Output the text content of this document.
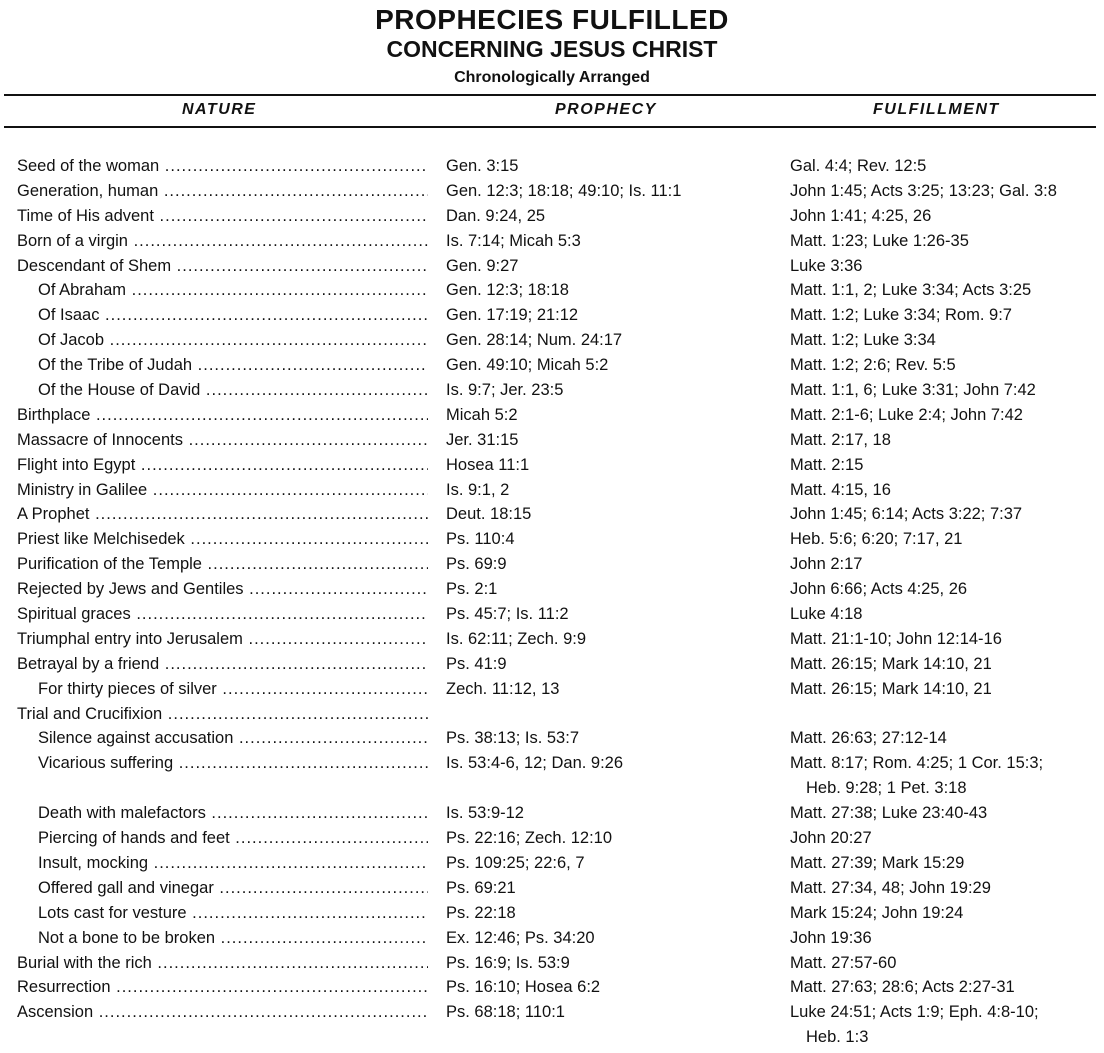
PROPHECIES FULFILLED
CONCERNING JESUS CHRIST
Chronologically Arranged
NATURE	PROPHECY	FULFILLMENT
Seed of the woman .....	Gen. 3:15	Gal. 4:4; Rev. 12:5
Generation, human .....	Gen. 12:3; 18:18; 49:10; Is. 11:1	John 1:45; Acts 3:25; 13:23; Gal. 3:8
Time of His advent .....	Dan. 9:24, 25	John 1:41; 4:25, 26
Born of a virgin .....	Is. 7:14; Micah 5:3	Matt. 1:23; Luke 1:26-35
Descendant of Shem .....	Gen. 9:27	Luke 3:36
Of Abraham .....	Gen. 12:3; 18:18	Matt. 1:1, 2; Luke 3:34; Acts 3:25
Of Isaac .....	Gen. 17:19; 21:12	Matt. 1:2; Luke 3:34; Rom. 9:7
Of Jacob .....	Gen. 28:14; Num. 24:17	Matt. 1:2; Luke 3:34
Of the Tribe of Judah .....	Gen. 49:10; Micah 5:2	Matt. 1:2; 2:6; Rev. 5:5
Of the House of David .....	Is. 9:7; Jer. 23:5	Matt. 1:1, 6; Luke 3:31; John 7:42
Birthplace .....	Micah 5:2	Matt. 2:1-6; Luke 2:4; John 7:42
Massacre of Innocents .....	Jer. 31:15	Matt. 2:17, 18
Flight into Egypt .....	Hosea 11:1	Matt. 2:15
Ministry in Galilee .....	Is. 9:1, 2	Matt. 4:15, 16
A Prophet .....	Deut. 18:15	John 1:45; 6:14; Acts 3:22; 7:37
Priest like Melchisedek .....	Ps. 110:4	Heb. 5:6; 6:20; 7:17, 21
Purification of the Temple .....	Ps. 69:9	John 2:17
Rejected by Jews and Gentiles .....	Ps. 2:1	John 6:66; Acts 4:25, 26
Spiritual graces .....	Ps. 45:7; Is. 11:2	Luke 4:18
Triumphal entry into Jerusalem .....	Is. 62:11; Zech. 9:9	Matt. 21:1-10; John 12:14-16
Betrayal by a friend .....	Ps. 41:9	Matt. 26:15; Mark 14:10, 21
For thirty pieces of silver .....	Zech. 11:12, 13	Matt. 26:15; Mark 14:10, 21
Trial and Crucifixion .....
Silence against accusation .....	Ps. 38:13; Is. 53:7	Matt. 26:63; 27:12-14
Vicarious suffering .....	Is. 53:4-6, 12; Dan. 9:26	Matt. 8:17; Rom. 4:25; 1 Cor. 15:3;
Heb. 9:28; 1 Pet. 3:18
Death with malefactors .....	Is. 53:9-12	Matt. 27:38; Luke 23:40-43
Piercing of hands and feet .....	Ps. 22:16; Zech. 12:10	John 20:27
Insult, mocking .....	Ps. 109:25; 22:6, 7	Matt. 27:39; Mark 15:29
Offered gall and vinegar .....	Ps. 69:21	Matt. 27:34, 48; John 19:29
Lots cast for vesture .....	Ps. 22:18	Mark 15:24; John 19:24
Not a bone to be broken .....	Ex. 12:46; Ps. 34:20	John 19:36
Burial with the rich .....	Ps. 16:9; Is. 53:9	Matt. 27:57-60
Resurrection .....	Ps. 16:10; Hosea 6:2	Matt. 27:63; 28:6; Acts 2:27-31
Ascension .....	Ps. 68:18; 110:1	Luke 24:51; Acts 1:9; Eph. 4:8-10;
Heb. 1:3
